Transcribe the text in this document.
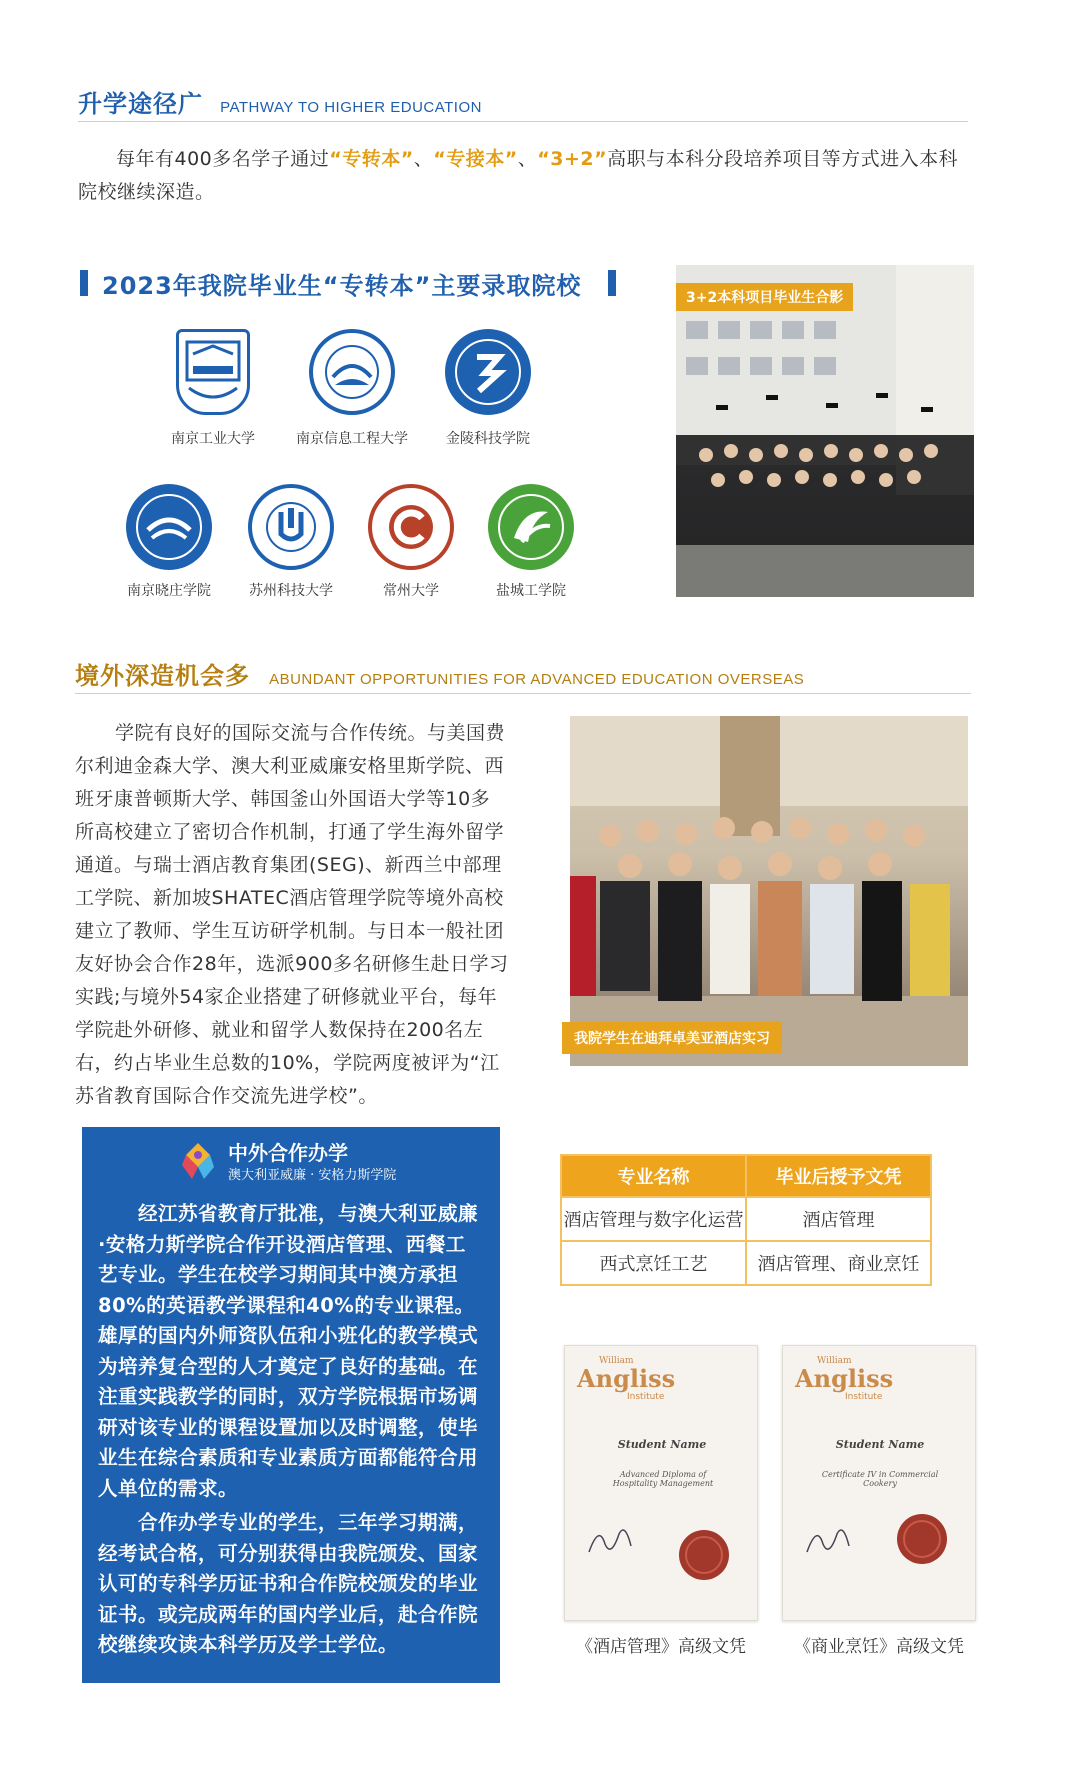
升学途径广 PATHWAY TO HIGHER EDUCATION
每年有400多名学子通过“专转本”、“专接本”、“3+2”高职与本科分段培养项目等方式进入本科院校继续深造。
2023年我院毕业生“专转本”主要录取院校
南京工业大学	南京信息工程大学	金陵科技学院
南京晓庄学院	苏州科技大学	常州大学	盐城工学院
3+2本科项目毕业生合影
境外深造机会多 ABUNDANT OPPORTUNITIES FOR ADVANCED EDUCATION OVERSEAS
学院有良好的国际交流与合作传统。与美国费
尔利迪金森大学、澳大利亚威廉安格里斯学院、西
班牙康普顿斯大学、韩国釜山外国语大学等10多
所高校建立了密切合作机制，打通了学生海外留学
通道。与瑞士酒店教育集团(SEG)、新西兰中部理
工学院、新加坡SHATEC酒店管理学院等境外高校
建立了教师、学生互访研学机制。与日本一般社团
友好协会合作28年，选派900多名研修生赴日学习
实践;与境外54家企业搭建了研修就业平台，每年
学院赴外研修、就业和留学人数保持在200名左
右，约占毕业生总数的10%，学院两度被评为“江
苏省教育国际合作交流先进学校”。
我院学生在迪拜卓美亚酒店实习
中外合作办学
澳大利亚威廉 · 安格力斯学院
　　经江苏省教育厅批准，与澳大利亚威廉
·安格力斯学院合作开设酒店管理、西餐工
艺专业。学生在校学习期间其中澳方承担
80%的英语教学课程和40%的专业课程。
雄厚的国内外师资队伍和小班化的教学模式
为培养复合型的人才奠定了良好的基础。在
注重实践教学的同时，双方学院根据市场调
研对该专业的课程设置加以及时调整，使毕
业生在综合素质和专业素质方面都能符合用
人单位的需求。
　　合作办学专业的学生，三年学习期满，
经考试合格，可分别获得由我院颁发、国家
认可的专科学历证书和合作院校颁发的毕业
证书。或完成两年的国内学业后，赴合作院
校继续攻读本科学历及学士学位。
专业名称	毕业后授予文凭
酒店管理与数字化运营	酒店管理
西式烹饪工艺	酒店管理、商业烹饪
William
Angliss
Institute
Student Name
Advanced Diploma of Hospitality Management
《酒店管理》高级文凭
William
Angliss
Institute
Student Name
Certificate IV in Commercial Cookery
《商业烹饪》高级文凭
